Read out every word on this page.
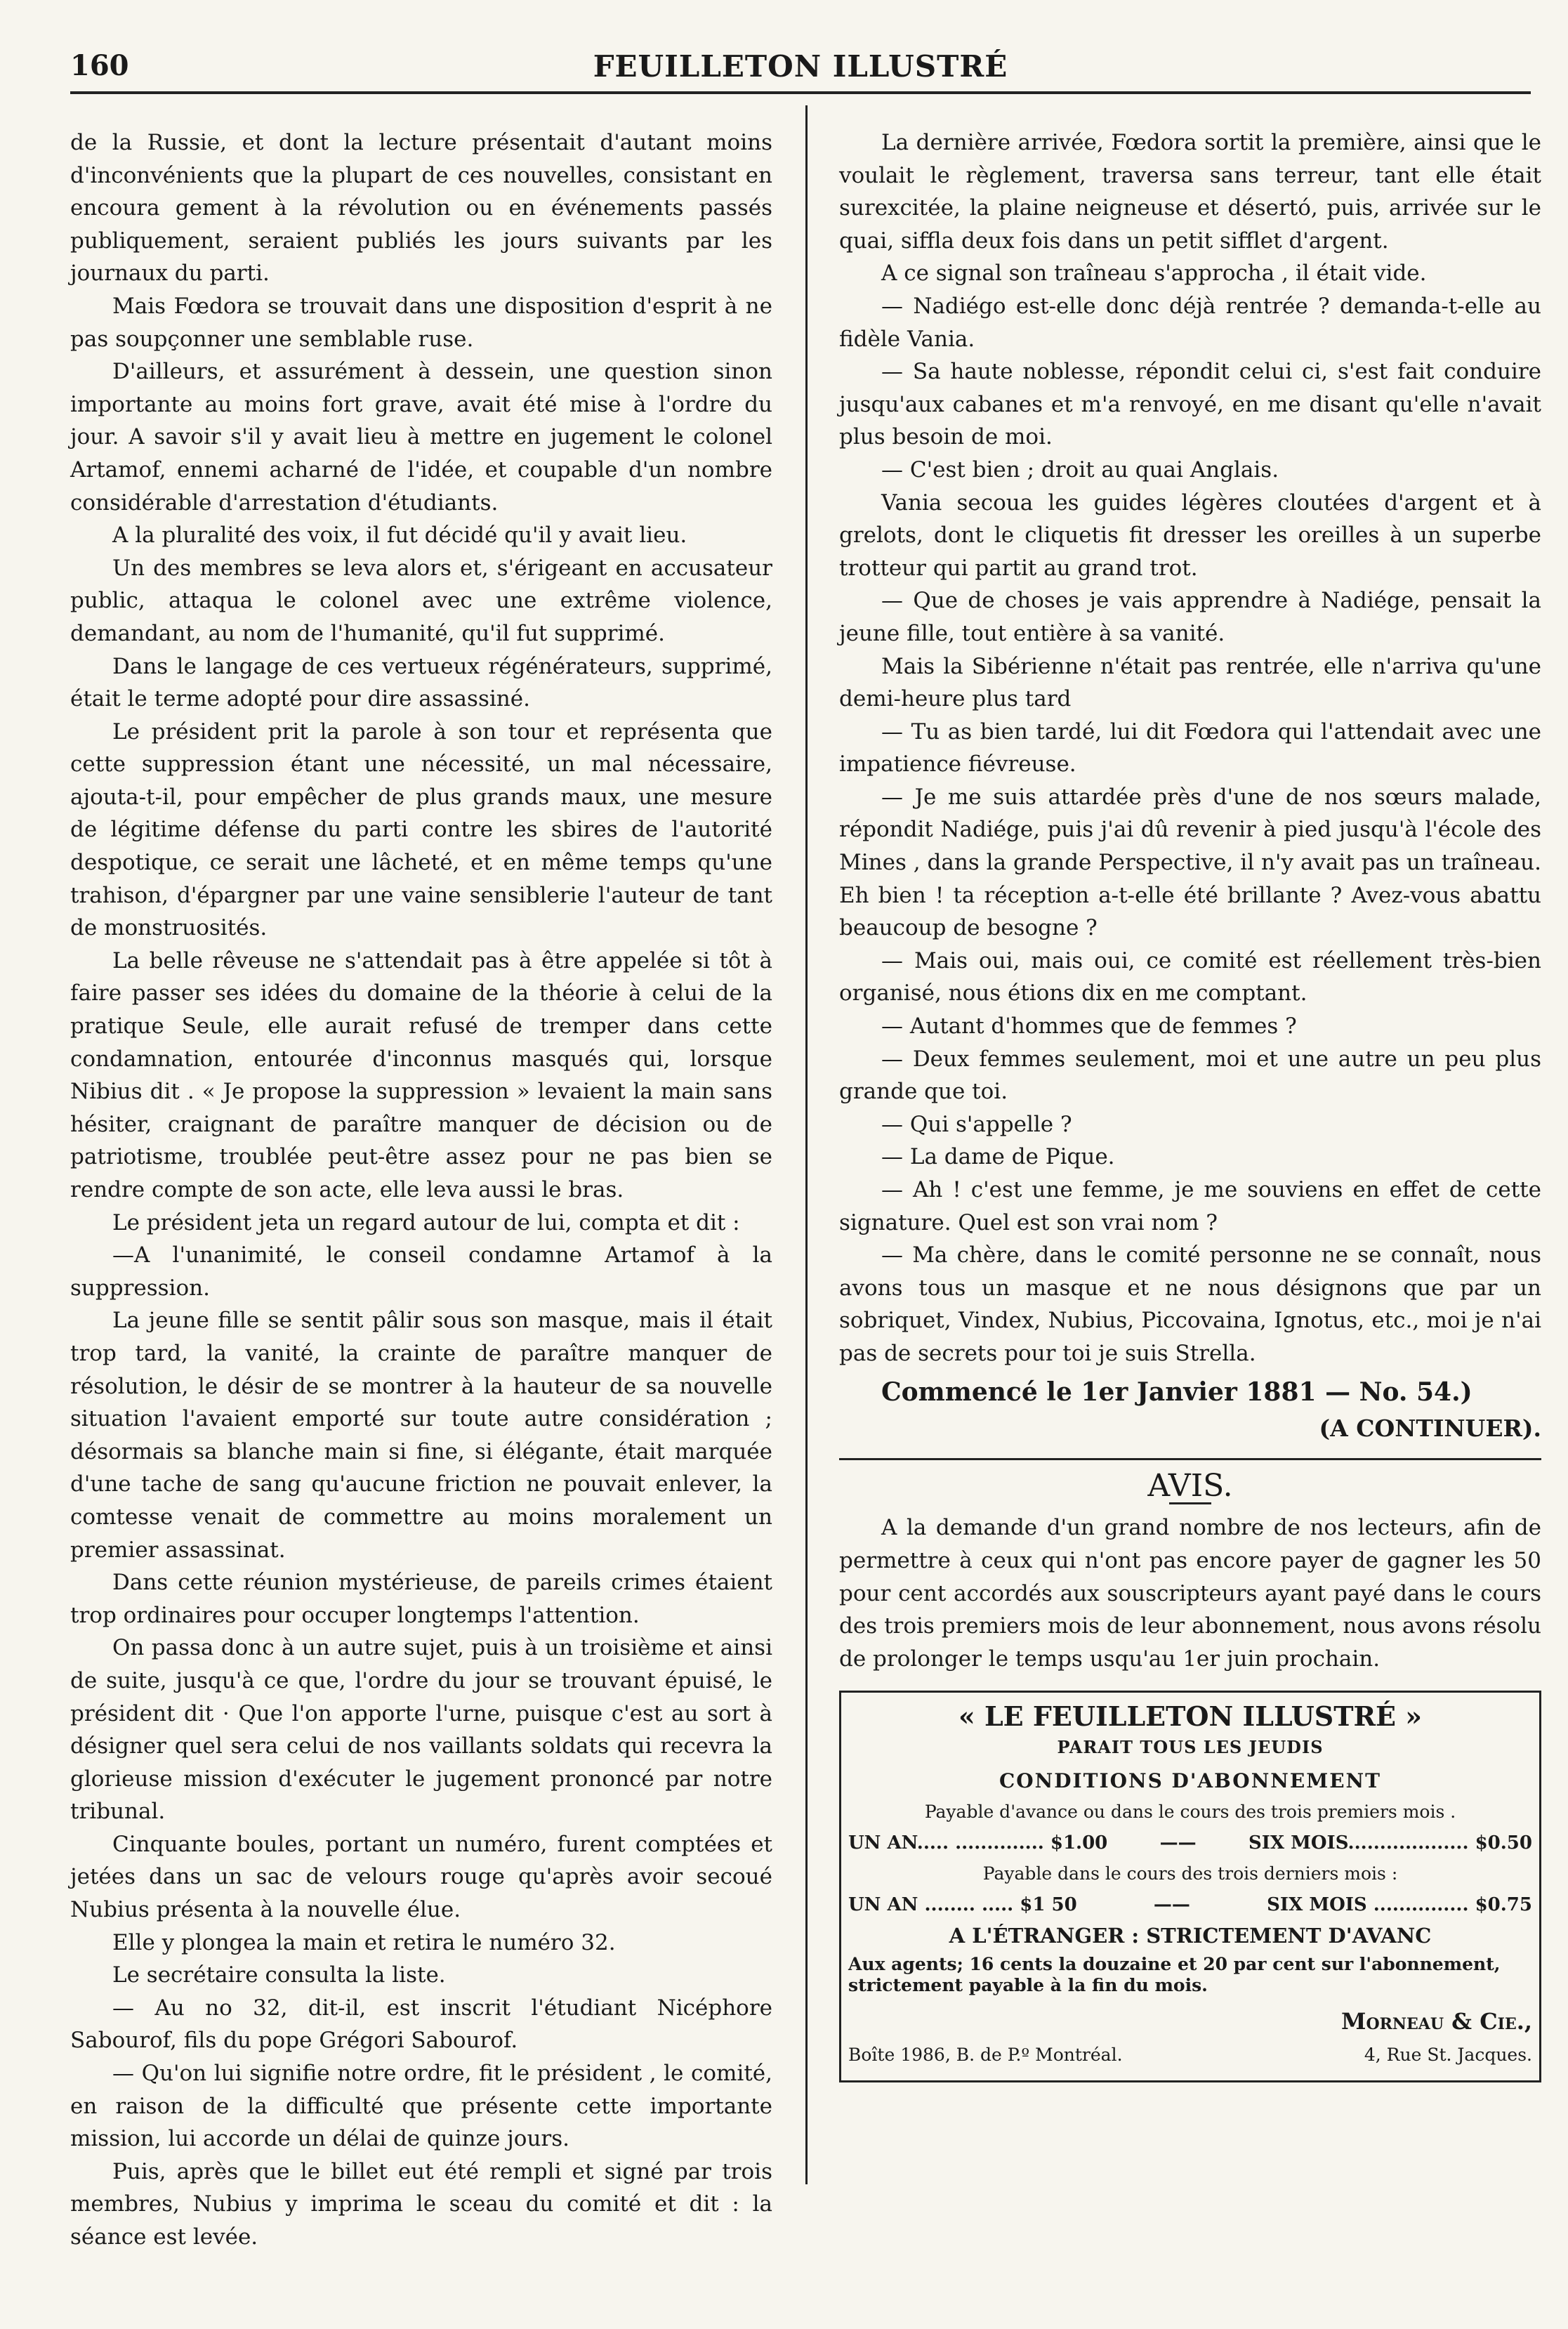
160	FEUILLETON ILLUSTRÉ

de la Russie, et dont la lecture présentait d'autant moins d'inconvénients que la plupart de ces nouvelles, consistant en encoura gement à la révolution ou en événements passés publiquement, seraient publiés les jours suivants par les journaux du parti.

Mais Fœdora se trouvait dans une disposition d'esprit à ne pas soupçonner une semblable ruse.

D'ailleurs, et assurément à dessein, une question sinon importante au moins fort grave, avait été mise à l'ordre du jour. A savoir s'il y avait lieu à mettre en jugement le colonel Artamof, ennemi acharné de l'idée, et coupable d'un nombre considérable d'arrestation d'étudiants.

A la pluralité des voix, il fut décidé qu'il y avait lieu.

Un des membres se leva alors et, s'érigeant en accusateur public, attaqua le colonel avec une extrême violence, demandant, au nom de l'humanité, qu'il fut supprimé.

Dans le langage de ces vertueux régénérateurs, supprimé, était le terme adopté pour dire assassiné.

Le président prit la parole à son tour et représenta que cette suppression étant une nécessité, un mal nécessaire, ajouta-t-il, pour empêcher de plus grands maux, une mesure de légitime défense du parti contre les sbires de l'autorité despotique, ce serait une lâcheté, et en même temps qu'une trahison, d'épargner par une vaine sensiblerie l'auteur de tant de monstruosités.

La belle rêveuse ne s'attendait pas à être appelée si tôt à faire passer ses idées du domaine de la théorie à celui de la pratique Seule, elle aurait refusé de tremper dans cette condamnation, entourée d'inconnus masqués qui, lorsque Nibius dit . « Je propose la suppression » levaient la main sans hésiter, craignant de paraître manquer de décision ou de patriotisme, troublée peut-être assez pour ne pas bien se rendre compte de son acte, elle leva aussi le bras.

Le président jeta un regard autour de lui, compta et dit :

—A l'unanimité, le conseil condamne Artamof à la suppression.

La jeune fille se sentit pâlir sous son masque, mais il était trop tard, la vanité, la crainte de paraître manquer de résolution, le désir de se montrer à la hauteur de sa nouvelle situation l'avaient emporté sur toute autre considération ; désormais sa blanche main si fine, si élégante, était marquée d'une tache de sang qu'aucune friction ne pouvait enlever, la comtesse venait de commettre au moins moralement un premier assassinat.

Dans cette réunion mystérieuse, de pareils crimes étaient trop ordinaires pour occuper longtemps l'attention.

On passa donc à un autre sujet, puis à un troisième et ainsi de suite, jusqu'à ce que, l'ordre du jour se trouvant épuisé, le président dit · Que l'on apporte l'urne, puisque c'est au sort à désigner quel sera celui de nos vaillants soldats qui recevra la glorieuse mission d'exécuter le jugement prononcé par notre tribunal.

Cinquante boules, portant un numéro, furent comptées et jetées dans un sac de velours rouge qu'après avoir secoué Nubius présenta à la nouvelle élue.

Elle y plongea la main et retira le numéro 32.

Le secrétaire consulta la liste.

— Au no 32, dit-il, est inscrit l'étudiant Nicéphore Sabourof, fils du pope Grégori Sabourof.

— Qu'on lui signifie notre ordre, fit le président , le comité, en raison de la difficulté que présente cette importante mission, lui accorde un délai de quinze jours.

Puis, après que le billet eut été rempli et signé par trois membres, Nubius y imprima le sceau du comité et dit : la séance est levée.

La dernière arrivée, Fœdora sortit la première, ainsi que le voulait le règlement, traversa sans terreur, tant elle était surexcitée, la plaine neigneuse et désertó, puis, arrivée sur le quai, siffla deux fois dans un petit sifflet d'argent.

A ce signal son traîneau s'approcha , il était vide.

— Nadiégo est-elle donc déjà rentrée ? demanda-t-elle au fidèle Vania.

— Sa haute noblesse, répondit celui ci, s'est fait conduire jusqu'aux cabanes et m'a renvoyé, en me disant qu'elle n'avait plus besoin de moi.

— C'est bien ; droit au quai Anglais.

Vania secoua les guides légères cloutées d'argent et à grelots, dont le cliquetis fit dresser les oreilles à un superbe trotteur qui partit au grand trot.

— Que de choses je vais apprendre à Nadiége, pensait la jeune fille, tout entière à sa vanité.

Mais la Sibérienne n'était pas rentrée, elle n'arriva qu'une demi-heure plus tard

— Tu as bien tardé, lui dit Fœdora qui l'attendait avec une impatience fiévreuse.

— Je me suis attardée près d'une de nos sœurs malade, répondit Nadiége, puis j'ai dû revenir à pied jusqu'à l'école des Mines , dans la grande Perspective, il n'y avait pas un traîneau. Eh bien ! ta réception a-t-elle été brillante ? Avez-vous abattu beaucoup de besogne ?

— Mais oui, mais oui, ce comité est réellement très-bien organisé, nous étions dix en me comptant.

— Autant d'hommes que de femmes ?

— Deux femmes seulement, moi et une autre un peu plus grande que toi.

— Qui s'appelle ?

— La dame de Pique.

— Ah ! c'est une femme, je me souviens en effet de cette signature. Quel est son vrai nom ?

— Ma chère, dans le comité personne ne se connaît, nous avons tous un masque et ne nous désignons que par un sobriquet, Vindex, Nubius, Piccovaina, Ignotus, etc., moi je n'ai pas de secrets pour toi je suis Strella.

Commencé le 1er Janvier 1881 — No. 54.)

(A CONTINUER).

AVIS.

A la demande d'un grand nombre de nos lecteurs, afin de permettre à ceux qui n'ont pas encore payer de gagner les 50 pour cent accordés aux souscripteurs ayant payé dans le cours des trois premiers mois de leur abonnement, nous avons résolu de prolonger le temps usqu'au 1er juin prochain.

« LE FEUILLETON ILLUSTRÉ »
PARAIT TOUS LES JEUDIS
CONDITIONS D'ABONNEMENT
Payable d'avance ou dans le cours des trois premiers mois .
UN AN..... .............. $1.00	——	SIX MOIS................... $0.50
Payable dans le cours des trois derniers mois :
UN AN ........ ..... $1 50	——	SIX MOIS ............... $0.75
A L'ÉTRANGER : STRICTEMENT D'AVANC
Aux agents; 16 cents la douzaine et 20 par cent sur l'abonnement, strictement payable à la fin du mois.
Morneau & Cie.,
Boîte 1986, B. de P.º Montréal.	4, Rue St. Jacques.
